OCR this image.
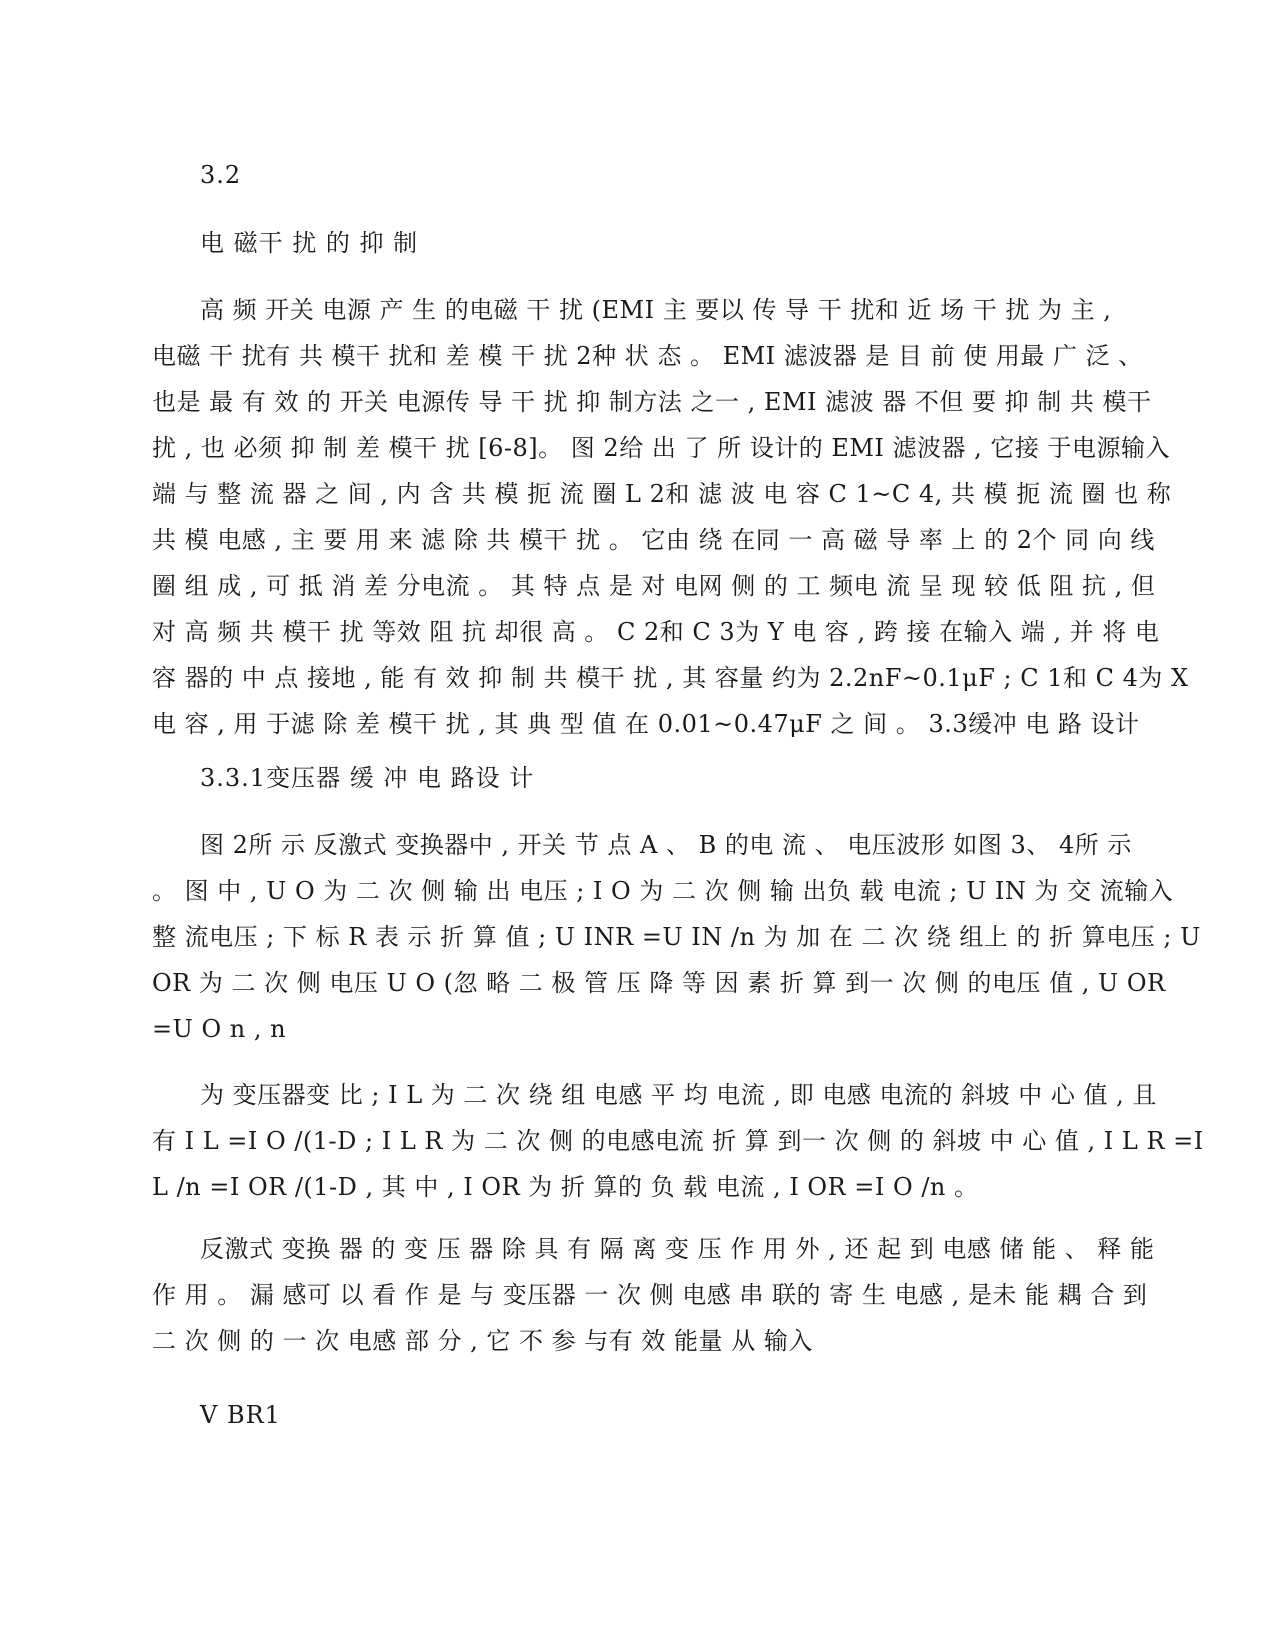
3.2
电 磁干 扰 的 抑 制
高 频 开关 电源 产 生 的电磁 干 扰 (EMI 主 要以 传 导 干 扰和 近 场 干 扰 为 主 ,
电磁 干 扰有 共 模干 扰和 差 模 干 扰 2种 状 态 。 EMI 滤波器 是 目 前 使 用最 广 泛 、
也是 最 有 效 的 开关 电源传 导 干 扰 抑 制方法 之一 , EMI 滤波 器 不但 要 抑 制 共 模干
扰 , 也 必须 抑 制 差 模干 扰 [6-8]。 图 2给 出 了 所 设计的 EMI 滤波器 , 它接 于电源输入
端 与 整 流 器 之 间 , 内 含 共 模 扼 流 圈 L 2和 滤 波 电 容 C 1~C 4, 共 模 扼 流 圈 也 称
共 模 电感 , 主 要 用 来 滤 除 共 模干 扰 。 它由 绕 在同 一 高 磁 导 率 上 的 2个 同 向 线
圈 组 成 , 可 抵 消 差 分电流 。 其 特 点 是 对 电网 侧 的 工 频电 流 呈 现 较 低 阻 抗 , 但
对 高 频 共 模干 扰 等效 阻 抗 却很 高 。 C 2和 C 3为 Y 电 容 , 跨 接 在输入 端 , 并 将 电
容 器的 中 点 接地 , 能 有 效 抑 制 共 模干 扰 , 其 容量 约为 2.2nF~0.1μF ; C 1和 C 4为 X
电 容 , 用 于滤 除 差 模干 扰 , 其 典 型 值 在 0.01~0.47μF 之 间 。 3.3缓冲 电 路 设计
3.3.1变压器 缓 冲 电 路设 计
图 2所 示 反激式 变换器中 , 开关 节 点 A 、 B 的电 流 、 电压波形 如图 3、 4所 示
。 图 中 , U O 为 二 次 侧 输 出 电压 ; I O 为 二 次 侧 输 出负 载 电流 ; U IN 为 交 流输入
整 流电压 ; 下 标 R 表 示 折 算 值 ; U INR =U IN /n 为 加 在 二 次 绕 组上 的 折 算电压 ; U
OR 为 二 次 侧 电压 U O (忽 略 二 极 管 压 降 等 因 素 折 算 到一 次 侧 的电压 值 , U OR
=U O n , n
为 变压器变 比 ; I L 为 二 次 绕 组 电感 平 均 电流 , 即 电感 电流的 斜坡 中 心 值 , 且
有 I L =I O /(1-D ; I L R 为 二 次 侧 的电感电流 折 算 到一 次 侧 的 斜坡 中 心 值 , I L R =I
L /n =I OR /(1-D , 其 中 , I OR 为 折 算的 负 载 电流 , I OR =I O /n 。
反激式 变换 器 的 变 压 器 除 具 有 隔 离 变 压 作 用 外 , 还 起 到 电感 储 能 、 释 能
作 用 。 漏 感可 以 看 作 是 与 变压器 一 次 侧 电感 串 联的 寄 生 电感 , 是未 能 耦 合 到
二 次 侧 的 一 次 电感 部 分 , 它 不 参 与有 效 能量 从 输入
V BR1
